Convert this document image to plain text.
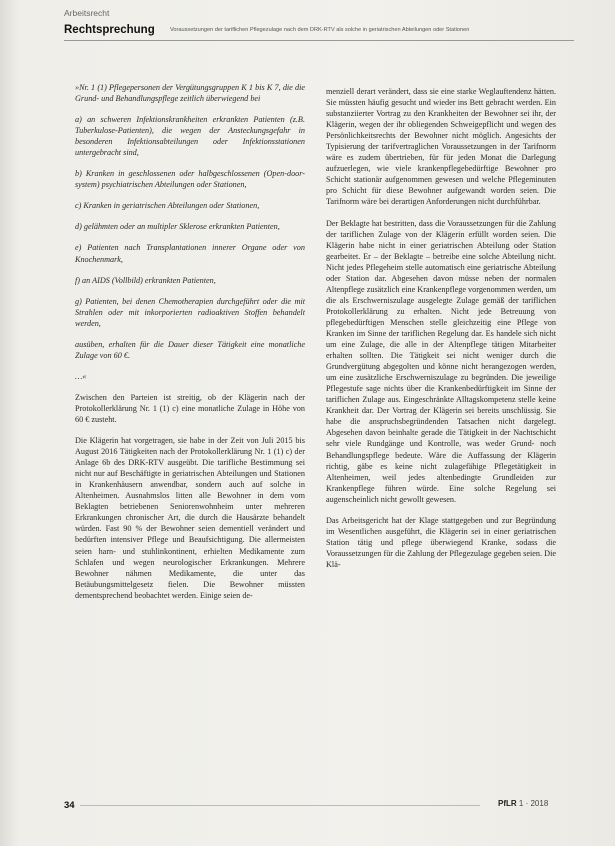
Arbeitsrecht
Rechtsprechung	Voraussetzungen der tariflichen Pflegezulage nach dem DRK-RTV als solche in geriatrischen Abteilungen oder Stationen

»Nr. 1 (1) Pflegepersonen der Vergütungsgruppen K 1 bis K 7, die die Grund- und Behandlungspflege zeitlich überwiegend bei

a) an schweren Infektionskrankheiten erkrankten Patienten (z.B. Tuberkulose-Patienten), die wegen der Ansteckungsgefahr in besonderen Infektionsabteilungen oder Infektionsstationen untergebracht sind,

b) Kranken in geschlossenen oder halbgeschlossenen (Open-door-system) psychiatrischen Abteilungen oder Stationen,

c) Kranken in geriatrischen Abteilungen oder Stationen,

d) gelähmten oder an multipler Sklerose erkrankten Patienten,

e) Patienten nach Transplantationen innerer Organe oder von Knochenmark,

f) an AIDS (Vollbild) erkrankten Patienten,

g) Patienten, bei denen Chemotherapien durchgeführt oder die mit Strahlen oder mit inkorporierten radioaktiven Stoffen behandelt werden,

ausüben, erhalten für die Dauer dieser Tätigkeit eine monatliche Zulage von 60 €.

…«

Zwischen den Parteien ist streitig, ob der Klägerin nach der Protokollerklärung Nr. 1 (1) c) eine monatliche Zulage in Höhe von 60 € zusteht.

Die Klägerin hat vorgetragen, sie habe in der Zeit von Juli 2015 bis August 2016 Tätigkeiten nach der Protokollerklärung Nr. 1 (1) c) der Anlage 6b des DRK-RTV ausgeübt. Die tarifliche Bestimmung sei nicht nur auf Beschäftigte in geriatrischen Abteilungen und Stationen in Krankenhäusern anwendbar, sondern auch auf solche in Altenheimen. Ausnahmslos litten alle Bewohner in dem vom Beklagten betriebenen Seniorenwohnheim unter mehreren Erkrankungen chronischer Art, die durch die Hausärzte behandelt würden. Fast 90 % der Bewohner seien dementiell verändert und bedürften intensiver Pflege und Beaufsichtigung. Die allermeisten seien harn- und stuhlinkontinent, erhielten Medikamente zum Schlafen und wegen neurologischer Erkrankungen. Mehrere Bewohner nähmen Medikamente, die unter das Betäubungsmittelgesetz fielen. Die Bewohner müssten dementsprechend beobachtet werden. Einige seien de-

menziell derart verändert, dass sie eine starke Weglauftendenz hätten. Sie müssten häufig gesucht und wieder ins Bett gebracht werden. Ein substanziierter Vortrag zu den Krankheiten der Bewohner sei ihr, der Klägerin, wegen der ihr obliegenden Schweigepflicht und wegen des Persönlichkeitsrechts der Bewohner nicht möglich. Angesichts der Typisierung der tarifvertraglichen Voraussetzungen in der Tarifnorm wäre es zudem übertrieben, für für jeden Monat die Darlegung aufzuerlegen, wie viele krankenpflegebedürftige Bewohner pro Schicht stationär aufgenommen gewesen und welche Pflegeminuten pro Schicht für diese Bewohner aufgewandt worden seien. Die Tarifnorm wäre bei derartigen Anforderungen nicht durchführbar.

Der Beklagte hat bestritten, dass die Voraussetzungen für die Zahlung der tariflichen Zulage von der Klägerin erfüllt worden seien. Die Klägerin habe nicht in einer geriatrischen Abteilung oder Station gearbeitet. Er – der Beklagte – betreibe eine solche Abteilung nicht. Nicht jedes Pflegeheim stelle automatisch eine geriatrische Abteilung oder Station dar. Abgesehen davon müsse neben der normalen Altenpflege zusätzlich eine Krankenpflege vorgenommen werden, um die als Erschwerniszulage ausgelegte Zulage gemäß der tariflichen Protokollerklärung zu erhalten. Nicht jede Betreuung von pflegebedürftigen Menschen stelle gleichzeitig eine Pflege von Kranken im Sinne der tariflichen Regelung dar. Es handele sich nicht um eine Zulage, die alle in der Altenpflege tätigen Mitarbeiter erhalten sollten. Die Tätigkeit sei nicht weniger durch die Grundvergütung abgegolten und könne nicht herangezogen werden, um eine zusätzliche Erschwerniszulage zu begründen. Die jeweilige Pflegestufe sage nichts über die Krankenbedürftigkeit im Sinne der tariflichen Zulage aus. Eingeschränkte Alltagskompetenz stelle keine Krankheit dar. Der Vortrag der Klägerin sei bereits unschlüssig. Sie habe die anspruchsbegründenden Tatsachen nicht dargelegt. Abgesehen davon beinhalte gerade die Tätigkeit in der Nachtschicht sehr viele Rundgänge und Kontrolle, was weder Grund- noch Behandlungspflege bedeute. Wäre die Auffassung der Klägerin richtig, gäbe es keine nicht zulagefähige Pflegetätigkeit in Altenheimen, weil jedes altenbedingte Grundleiden zur Krankenpflege führen würde. Eine solche Regelung sei augenscheinlich nicht gewollt gewesen.

Das Arbeitsgericht hat der Klage stattgegeben und zur Begründung im Wesentlichen ausgeführt, die Klägerin sei in einer geriatrischen Station tätig und pflege überwiegend Kranke, sodass die Voraussetzungen für die Zahlung der Pflegezulage gegeben seien. Die Klä-

34	PfLR 1 · 2018
